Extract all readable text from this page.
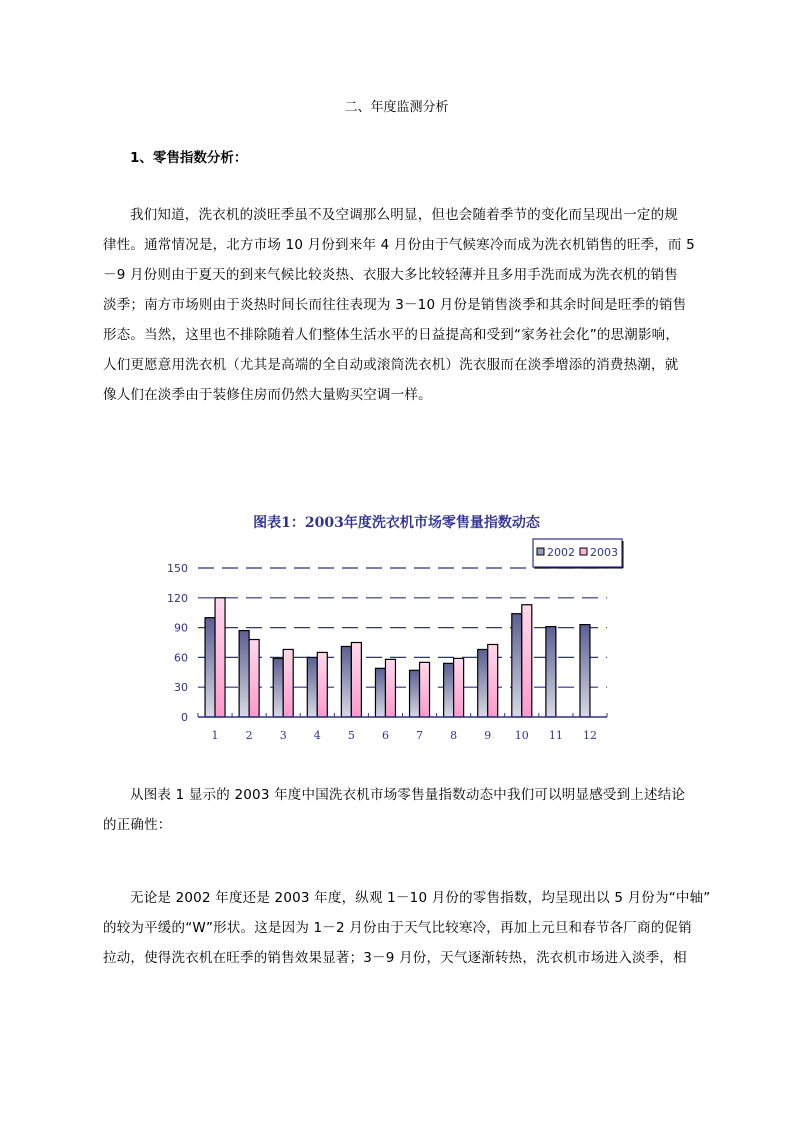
二、年度监测分析
1、零售指数分析：
我们知道，洗衣机的淡旺季虽不及空调那么明显，但也会随着季节的变化而呈现出一定的规
律性。通常情况是，北方市场 10 月份到来年 4 月份由于气候寒冷而成为洗衣机销售的旺季，而 5
－9 月份则由于夏天的到来气候比较炎热、衣服大多比较轻薄并且多用手洗而成为洗衣机的销售
淡季；南方市场则由于炎热时间长而往往表现为 3－10 月份是销售淡季和其余时间是旺季的销售
形态。当然，这里也不排除随着人们整体生活水平的日益提高和受到“家务社会化”的思潮影响，
人们更愿意用洗衣机（尤其是高端的全自动或滚筒洗衣机）洗衣服而在淡季增添的消费热潮，就
像人们在淡季由于装修住房而仍然大量购买空调一样。
图表1：2003年度洗衣机市场零售量指数动态
0
30
60
90
120
150
1 2 3 4 5 6 7 8 9 10 11 12
2002 2003
从图表 1 显示的 2003 年度中国洗衣机市场零售量指数动态中我们可以明显感受到上述结论
的正确性：
无论是 2002 年度还是 2003 年度，纵观 1－10 月份的零售指数，均呈现出以 5 月份为“中轴”
的较为平缓的“W”形状。这是因为 1－2 月份由于天气比较寒冷，再加上元旦和春节各厂商的促销
拉动，使得洗衣机在旺季的销售效果显著；3－9 月份，天气逐渐转热，洗衣机市场进入淡季，相
